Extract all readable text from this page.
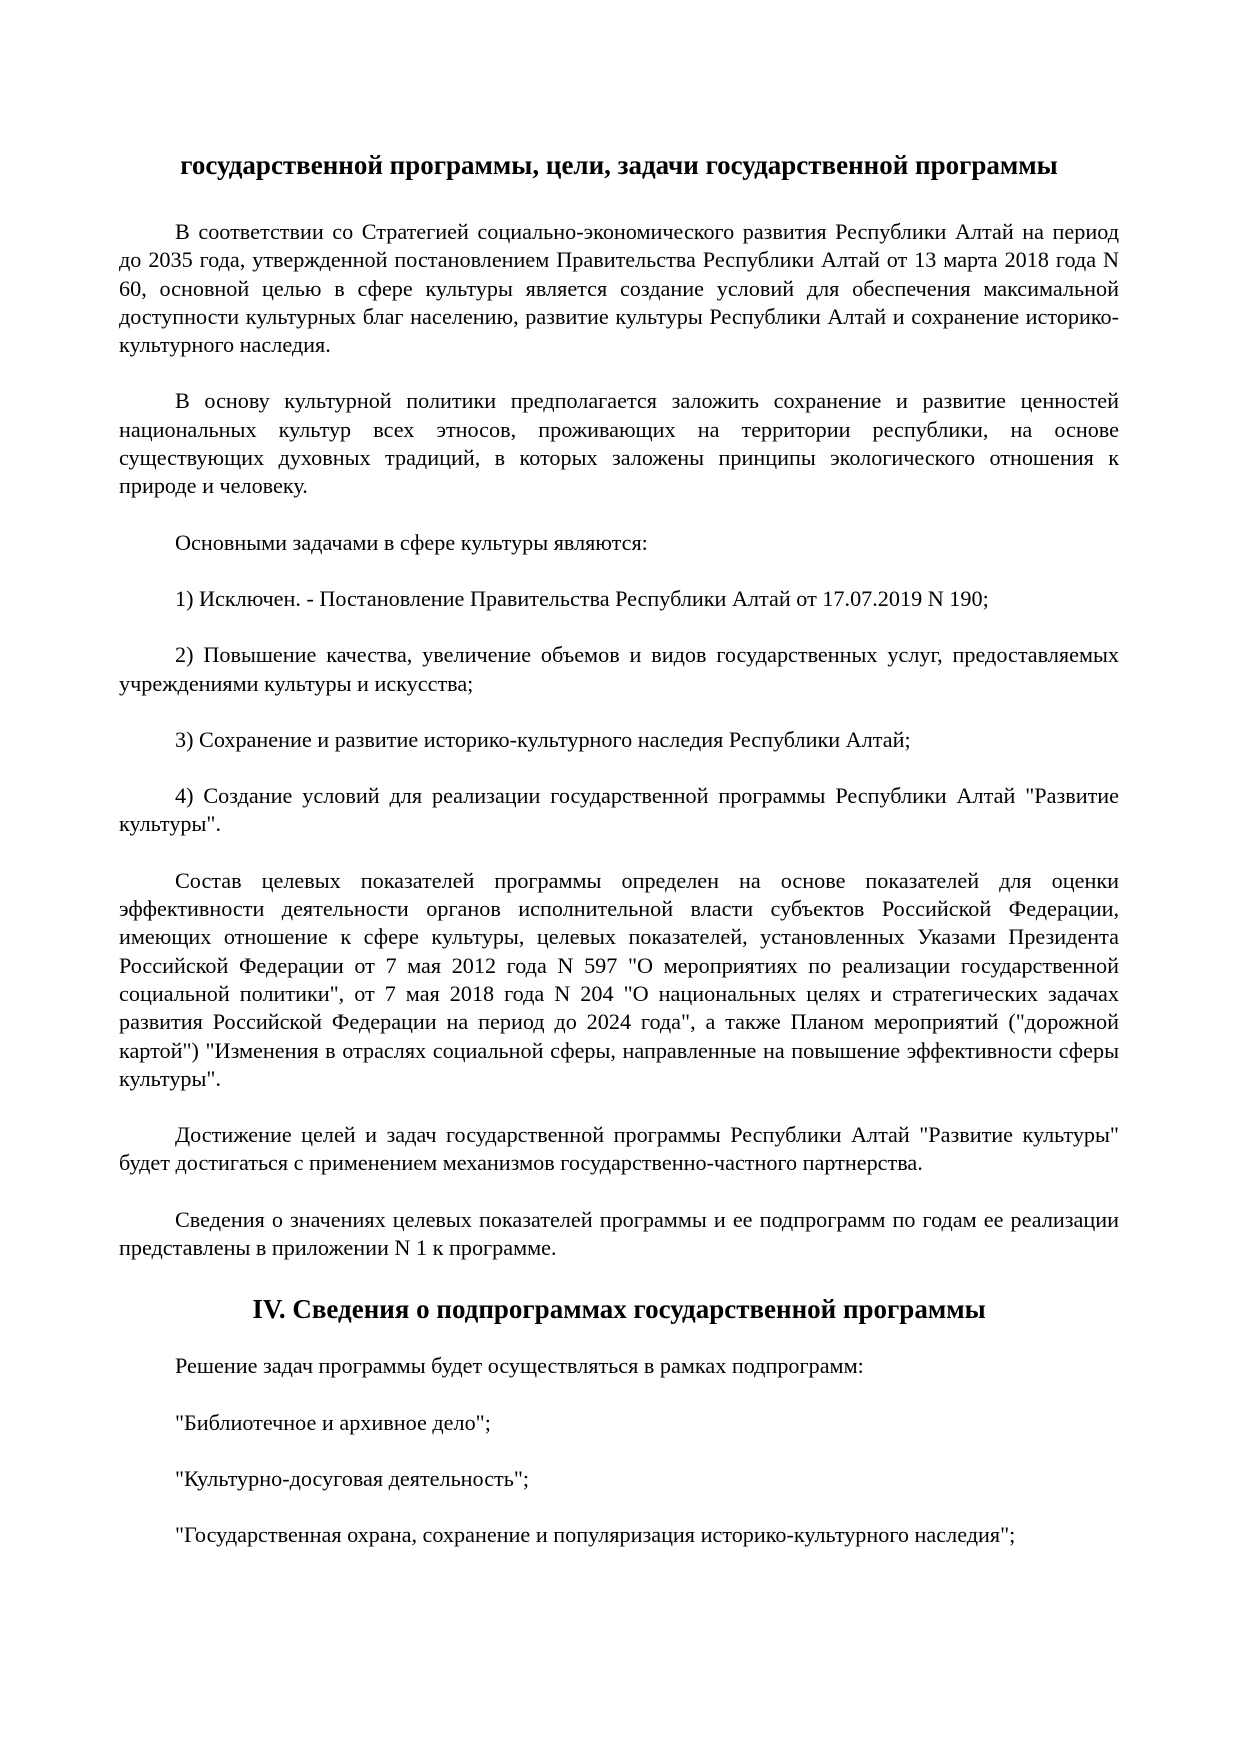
государственной программы, цели, задачи государственной программы

В соответствии со Стратегией социально-экономического развития Республики Алтай на период до 2035 года, утвержденной постановлением Правительства Республики Алтай от 13 марта 2018 года N 60, основной целью в сфере культуры является создание условий для обеспечения максимальной доступности культурных благ населению, развитие культуры Республики Алтай и сохранение историко-культурного наследия.

В основу культурной политики предполагается заложить сохранение и развитие ценностей национальных культур всех этносов, проживающих на территории республики, на основе существующих духовных традиций, в которых заложены принципы экологического отношения к природе и человеку.

Основными задачами в сфере культуры являются:

1) Исключен. - Постановление Правительства Республики Алтай от 17.07.2019 N 190;

2) Повышение качества, увеличение объемов и видов государственных услуг, предоставляемых учреждениями культуры и искусства;

3) Сохранение и развитие историко-культурного наследия Республики Алтай;

4) Создание условий для реализации государственной программы Республики Алтай "Развитие культуры".

Состав целевых показателей программы определен на основе показателей для оценки эффективности деятельности органов исполнительной власти субъектов Российской Федерации, имеющих отношение к сфере культуры, целевых показателей, установленных Указами Президента Российской Федерации от 7 мая 2012 года N 597 "О мероприятиях по реализации государственной социальной политики", от 7 мая 2018 года N 204 "О национальных целях и стратегических задачах развития Российской Федерации на период до 2024 года", а также Планом мероприятий ("дорожной картой") "Изменения в отраслях социальной сферы, направленные на повышение эффективности сферы культуры".

Достижение целей и задач государственной программы Республики Алтай "Развитие культуры" будет достигаться с применением механизмов государственно-частного партнерства.

Сведения о значениях целевых показателей программы и ее подпрограмм по годам ее реализации представлены в приложении N 1 к программе.

IV. Сведения о подпрограммах государственной программы

Решение задач программы будет осуществляться в рамках подпрограмм:

"Библиотечное и архивное дело";

"Культурно-досуговая деятельность";

"Государственная охрана, сохранение и популяризация историко-культурного наследия";
